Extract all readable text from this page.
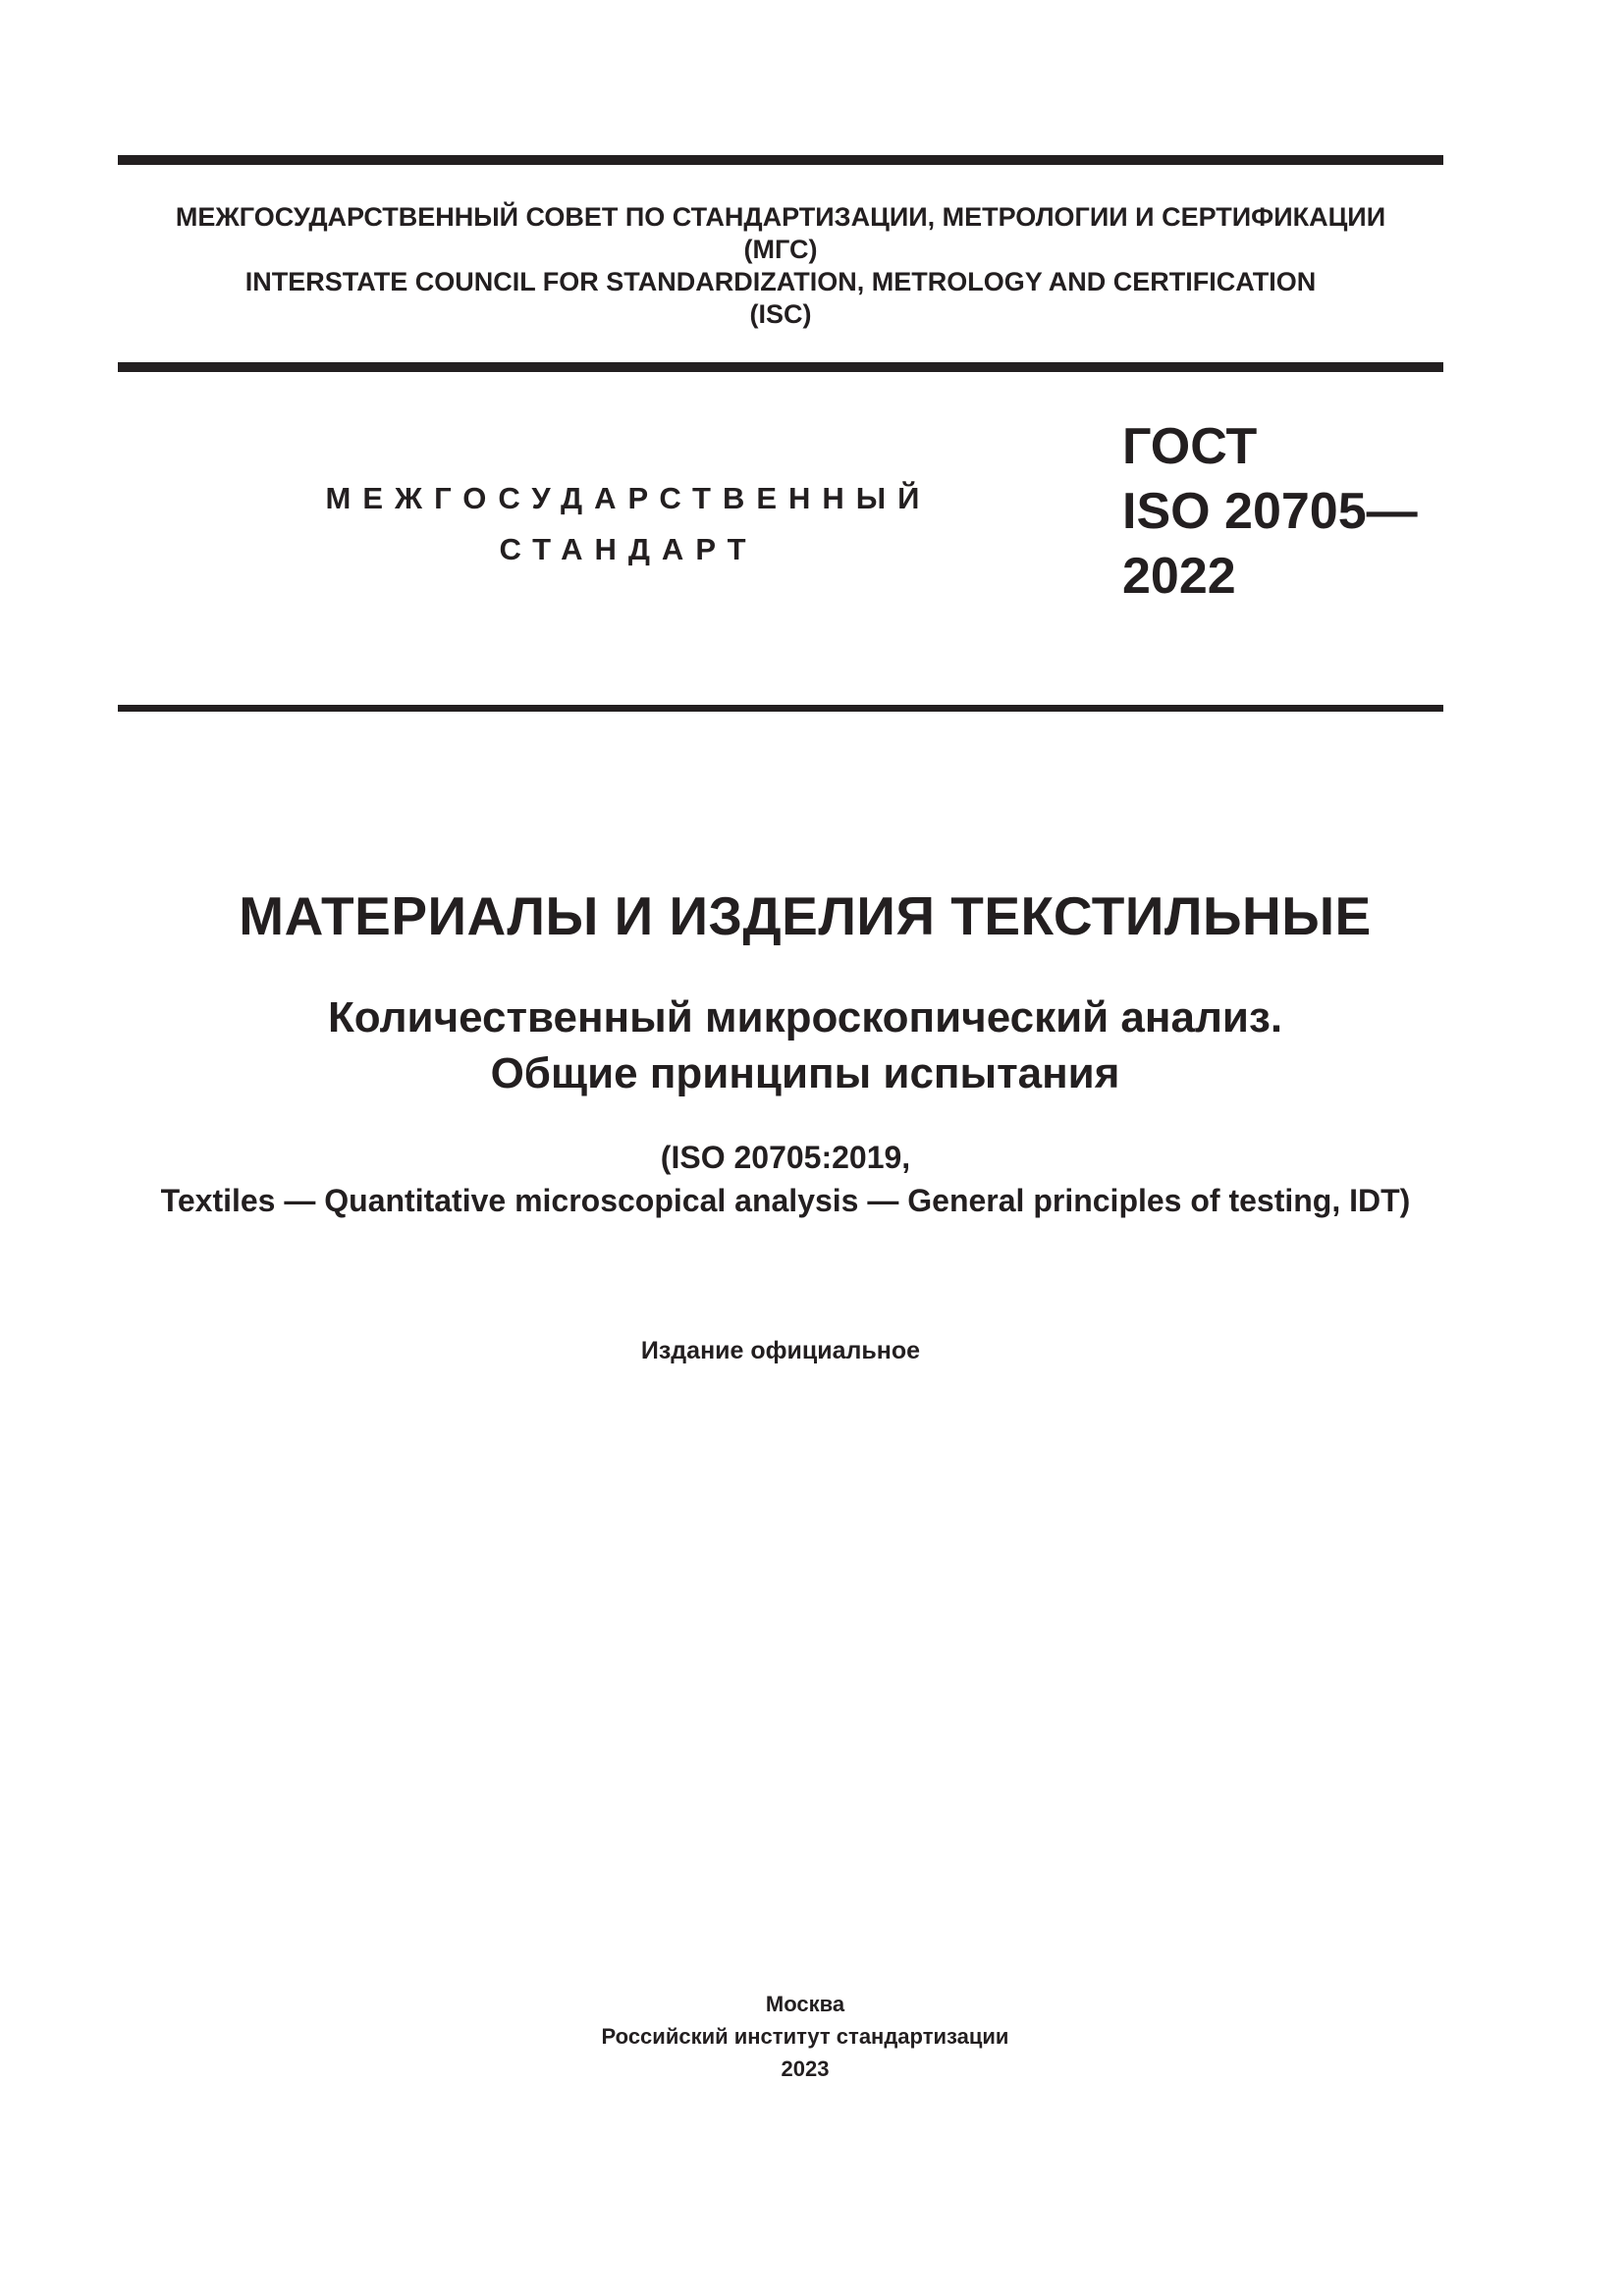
МЕЖГОСУДАРСТВЕННЫЙ СОВЕТ ПО СТАНДАРТИЗАЦИИ, МЕТРОЛОГИИ И СЕРТИФИКАЦИИ
(МГС)
INTERSTATE COUNCIL FOR STANDARDIZATION, METROLOGY AND CERTIFICATION
(ISC)
МЕЖГОСУДАРСТВЕННЫЙ
СТАНДАРТ
ГОСТ
ISO 20705—
2022
МАТЕРИАЛЫ И ИЗДЕЛИЯ ТЕКСТИЛЬНЫЕ
Количественный микроскопический анализ.
Общие принципы испытания
(ISO 20705:2019,
Textiles — Quantitative microscopical analysis — General principles of testing, IDT)
Издание официальное
Москва
Российский институт стандартизации
2023
